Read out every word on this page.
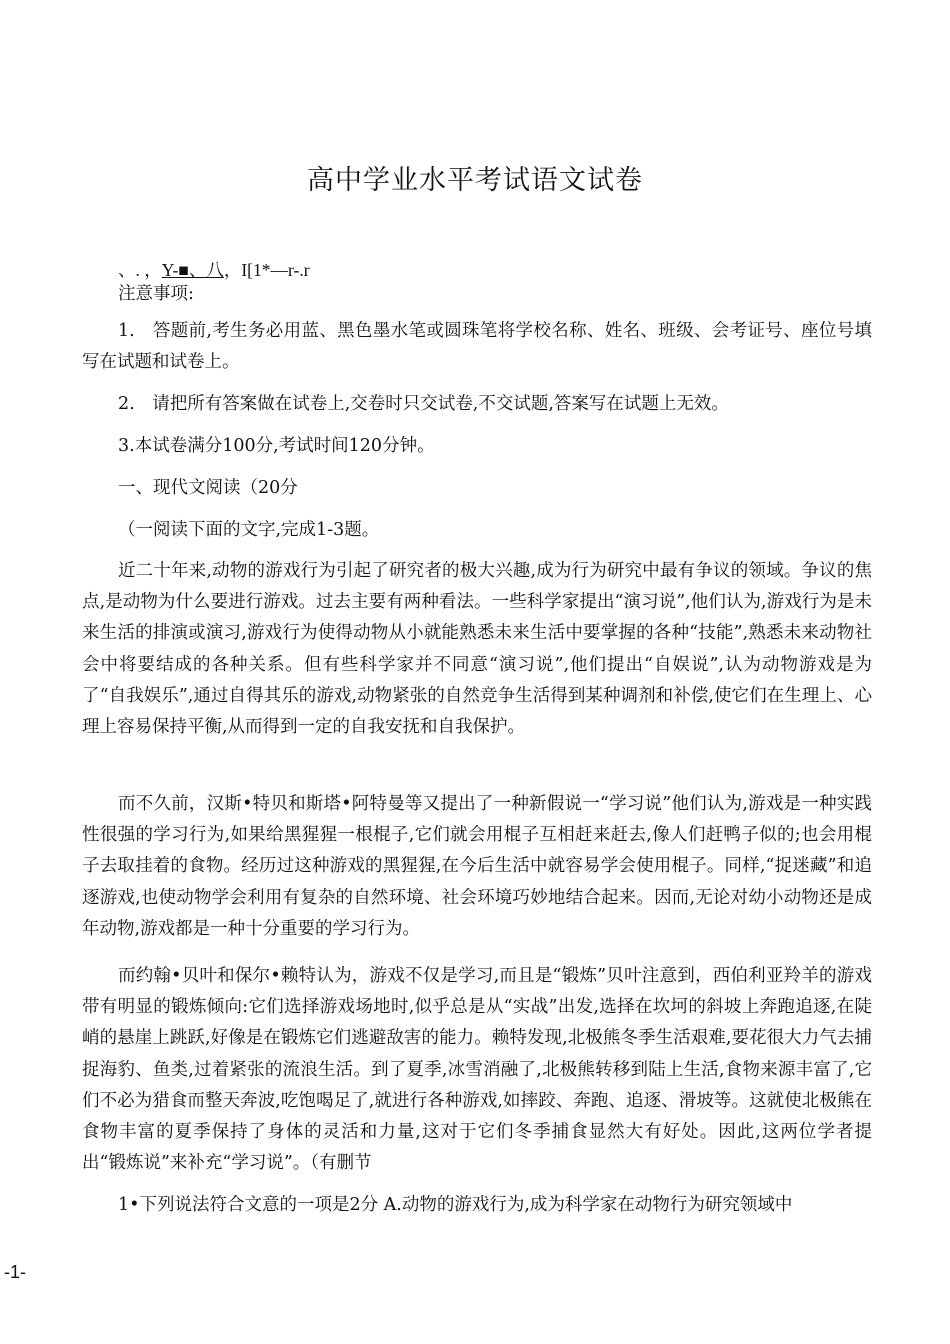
高中学业水平考试语文试卷
、. ，Y-■、八，I[1*—r-.r
注意事项:
1.　答题前,考生务必用蓝、黑色墨水笔或圆珠笔将学校名称、姓名、班级、会考证号、座位号填写在试题和试卷上。
2.　请把所有答案做在试卷上,交卷时只交试卷,不交试题,答案写在试题上无效。
3.本试卷满分100分,考试时间120分钟。
一、现代文阅读（20分
（一阅读下面的文字,完成1-3题。
近二十年来,动物的游戏行为引起了研究者的极大兴趣,成为行为研究中最有争议的领域。争议的焦点,是动物为什么要进行游戏。过去主要有两种看法。一些科学家提出“演习说”,他们认为,游戏行为是未来生活的排演或演习,游戏行为使得动物从小就能熟悉未来生活中要掌握的各种“技能”,熟悉未来动物社会中将要结成的各种关系。但有些科学家并不同意“演习说”,他们提出“自娱说”,认为动物游戏是为了“自我娱乐”,通过自得其乐的游戏,动物紧张的自然竞争生活得到某种调剂和补偿,使它们在生理上、心理上容易保持平衡,从而得到一定的自我安抚和自我保护。
而不久前，汉斯•特贝和斯塔•阿特曼等又提出了一种新假说一“学习说”他们认为,游戏是一种实践性很强的学习行为,如果给黑猩猩一根棍子,它们就会用棍子互相赶来赶去,像人们赶鸭子似的;也会用棍子去取挂着的食物。经历过这种游戏的黑猩猩,在今后生活中就容易学会使用棍子。同样,“捉迷藏”和追逐游戏,也使动物学会利用有复杂的自然环境、社会环境巧妙地结合起来。因而,无论对幼小动物还是成年动物,游戏都是一种十分重要的学习行为。
而约翰•贝叶和保尔•赖特认为，游戏不仅是学习,而且是“锻炼”贝叶注意到，西伯利亚羚羊的游戏带有明显的锻炼倾向:它们选择游戏场地时,似乎总是从“实战”出发,选择在坎坷的斜坡上奔跑追逐,在陡峭的悬崖上跳跃,好像是在锻炼它们逃避敌害的能力。赖特发现,北极熊冬季生活艰难,要花很大力气去捕捉海豹、鱼类,过着紧张的流浪生活。到了夏季,冰雪消融了,北极熊转移到陆上生活,食物来源丰富了,它们不必为猎食而整天奔波,吃饱喝足了,就进行各种游戏,如摔跤、奔跑、追逐、滑坡等。这就使北极熊在食物丰富的夏季保持了身体的灵活和力量,这对于它们冬季捕食显然大有好处。因此,这两位学者提出“锻炼说”来补充“学习说”。（有删节
1•下列说法符合文意的一项是2分 A.动物的游戏行为,成为科学家在动物行为研究领域中
-1-
